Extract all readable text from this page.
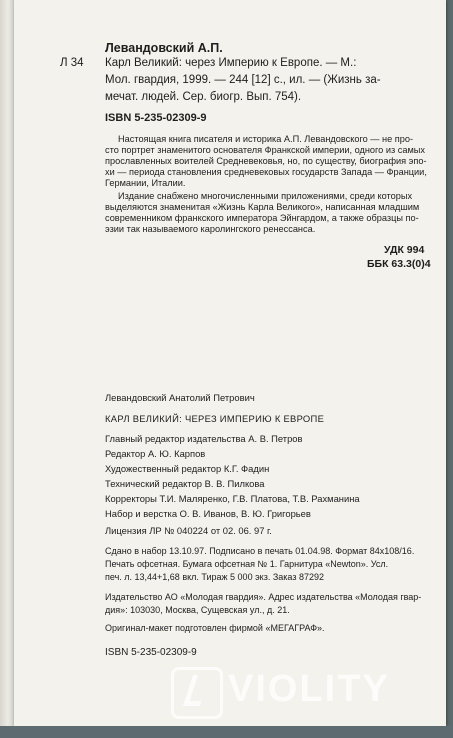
Левандовский А.П.
Л 34 Карл Великий: через Империю к Европе. — М.:
Мол. гвардия, 1999. — 244 [12] с., ил. — (Жизнь за-
мечат. людей. Сер. биогр. Вып. 754).
ISBN 5-235-02309-9
Настоящая книга писателя и историка А.П. Левандовского — не про-
сто портрет знаменитого основателя Франкской империи, одного из самых
прославленных воителей Средневековья, но, по существу, биография эпо-
хи — периода становления средневековых государств Запада — Франции,
Германии, Италии.
Издание снабжено многочисленными приложениями, среди которых
выделяются знаменитая «Жизнь Карла Великого», написанная младшим
современником франкского императора Эйнгардом, а также образцы по-
эзии так называемого каролингского ренессанса.
УДК 994
ББК 63.3(0)4
Левандовский Анатолий Петрович
КАРЛ ВЕЛИКИЙ: ЧЕРЕЗ ИМПЕРИЮ К ЕВРОПЕ
Главный редактор издательства А. В. Петров
Редактор А. Ю. Карпов
Художественный редактор К.Г. Фадин
Технический редактор В. В. Пилкова
Корректоры Т.И. Маляренко, Г.В. Платова, Т.В. Рахманина
Набор и верстка О. В. Иванов, В. Ю. Григорьев
Лицензия ЛР № 040224 от 02. 06. 97 г.
Сдано в набор 13.10.97. Подписано в печать 01.04.98. Формат 84х108/16.
Печать офсетная. Бумага офсетная № 1. Гарнитура «Newton». Усл.
печ. л. 13,44+1,68 вкл. Тираж 5 000 экз. Заказ 87292
Издательство АО «Молодая гвардия». Адрес издательства «Молодая гвар-
дия»: 103030, Москва, Сущевская ул., д. 21.
Оригинал-макет подготовлен фирмой «МЕГАГРАФ».
ISBN 5-235-02309-9
VIOLITY
